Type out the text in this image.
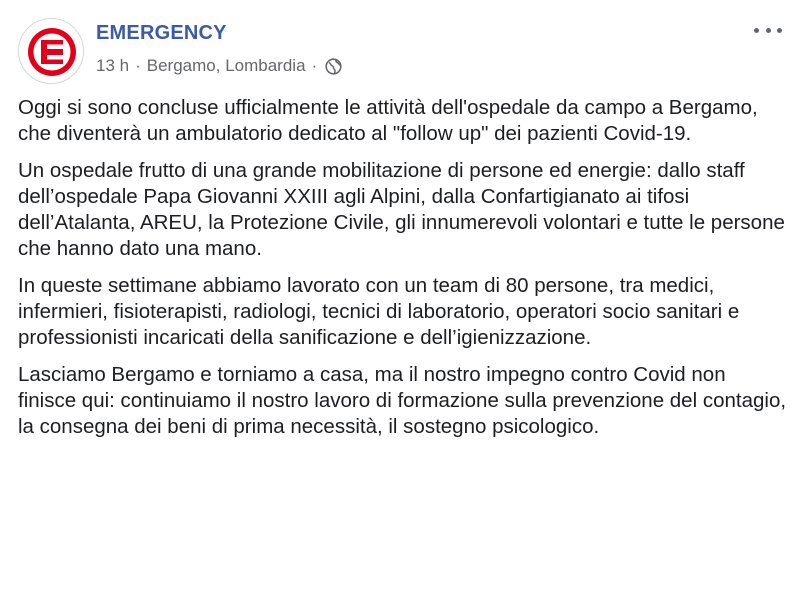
EMERGENCY
13 h · Bergamo, Lombardia ·

Oggi si sono concluse ufficialmente le attività dell'ospedale da campo a Bergamo, che diventerà un ambulatorio dedicato al "follow up" dei pazienti Covid-19.

Un ospedale frutto di una grande mobilitazione di persone ed energie: dallo staff dell’ospedale Papa Giovanni XXIII agli Alpini, dalla Confartigianato ai tifosi dell’Atalanta, AREU, la Protezione Civile, gli innumerevoli volontari e tutte le persone che hanno dato una mano.

In queste settimane abbiamo lavorato con un team di 80 persone, tra medici, infermieri, fisioterapisti, radiologi, tecnici di laboratorio, operatori socio sanitari e professionisti incaricati della sanificazione e dell’igienizzazione.

Lasciamo Bergamo e torniamo a casa, ma il nostro impegno contro Covid non finisce qui: continuiamo il nostro lavoro di formazione sulla prevenzione del contagio, la consegna dei beni di prima necessità, il sostegno psicologico.
